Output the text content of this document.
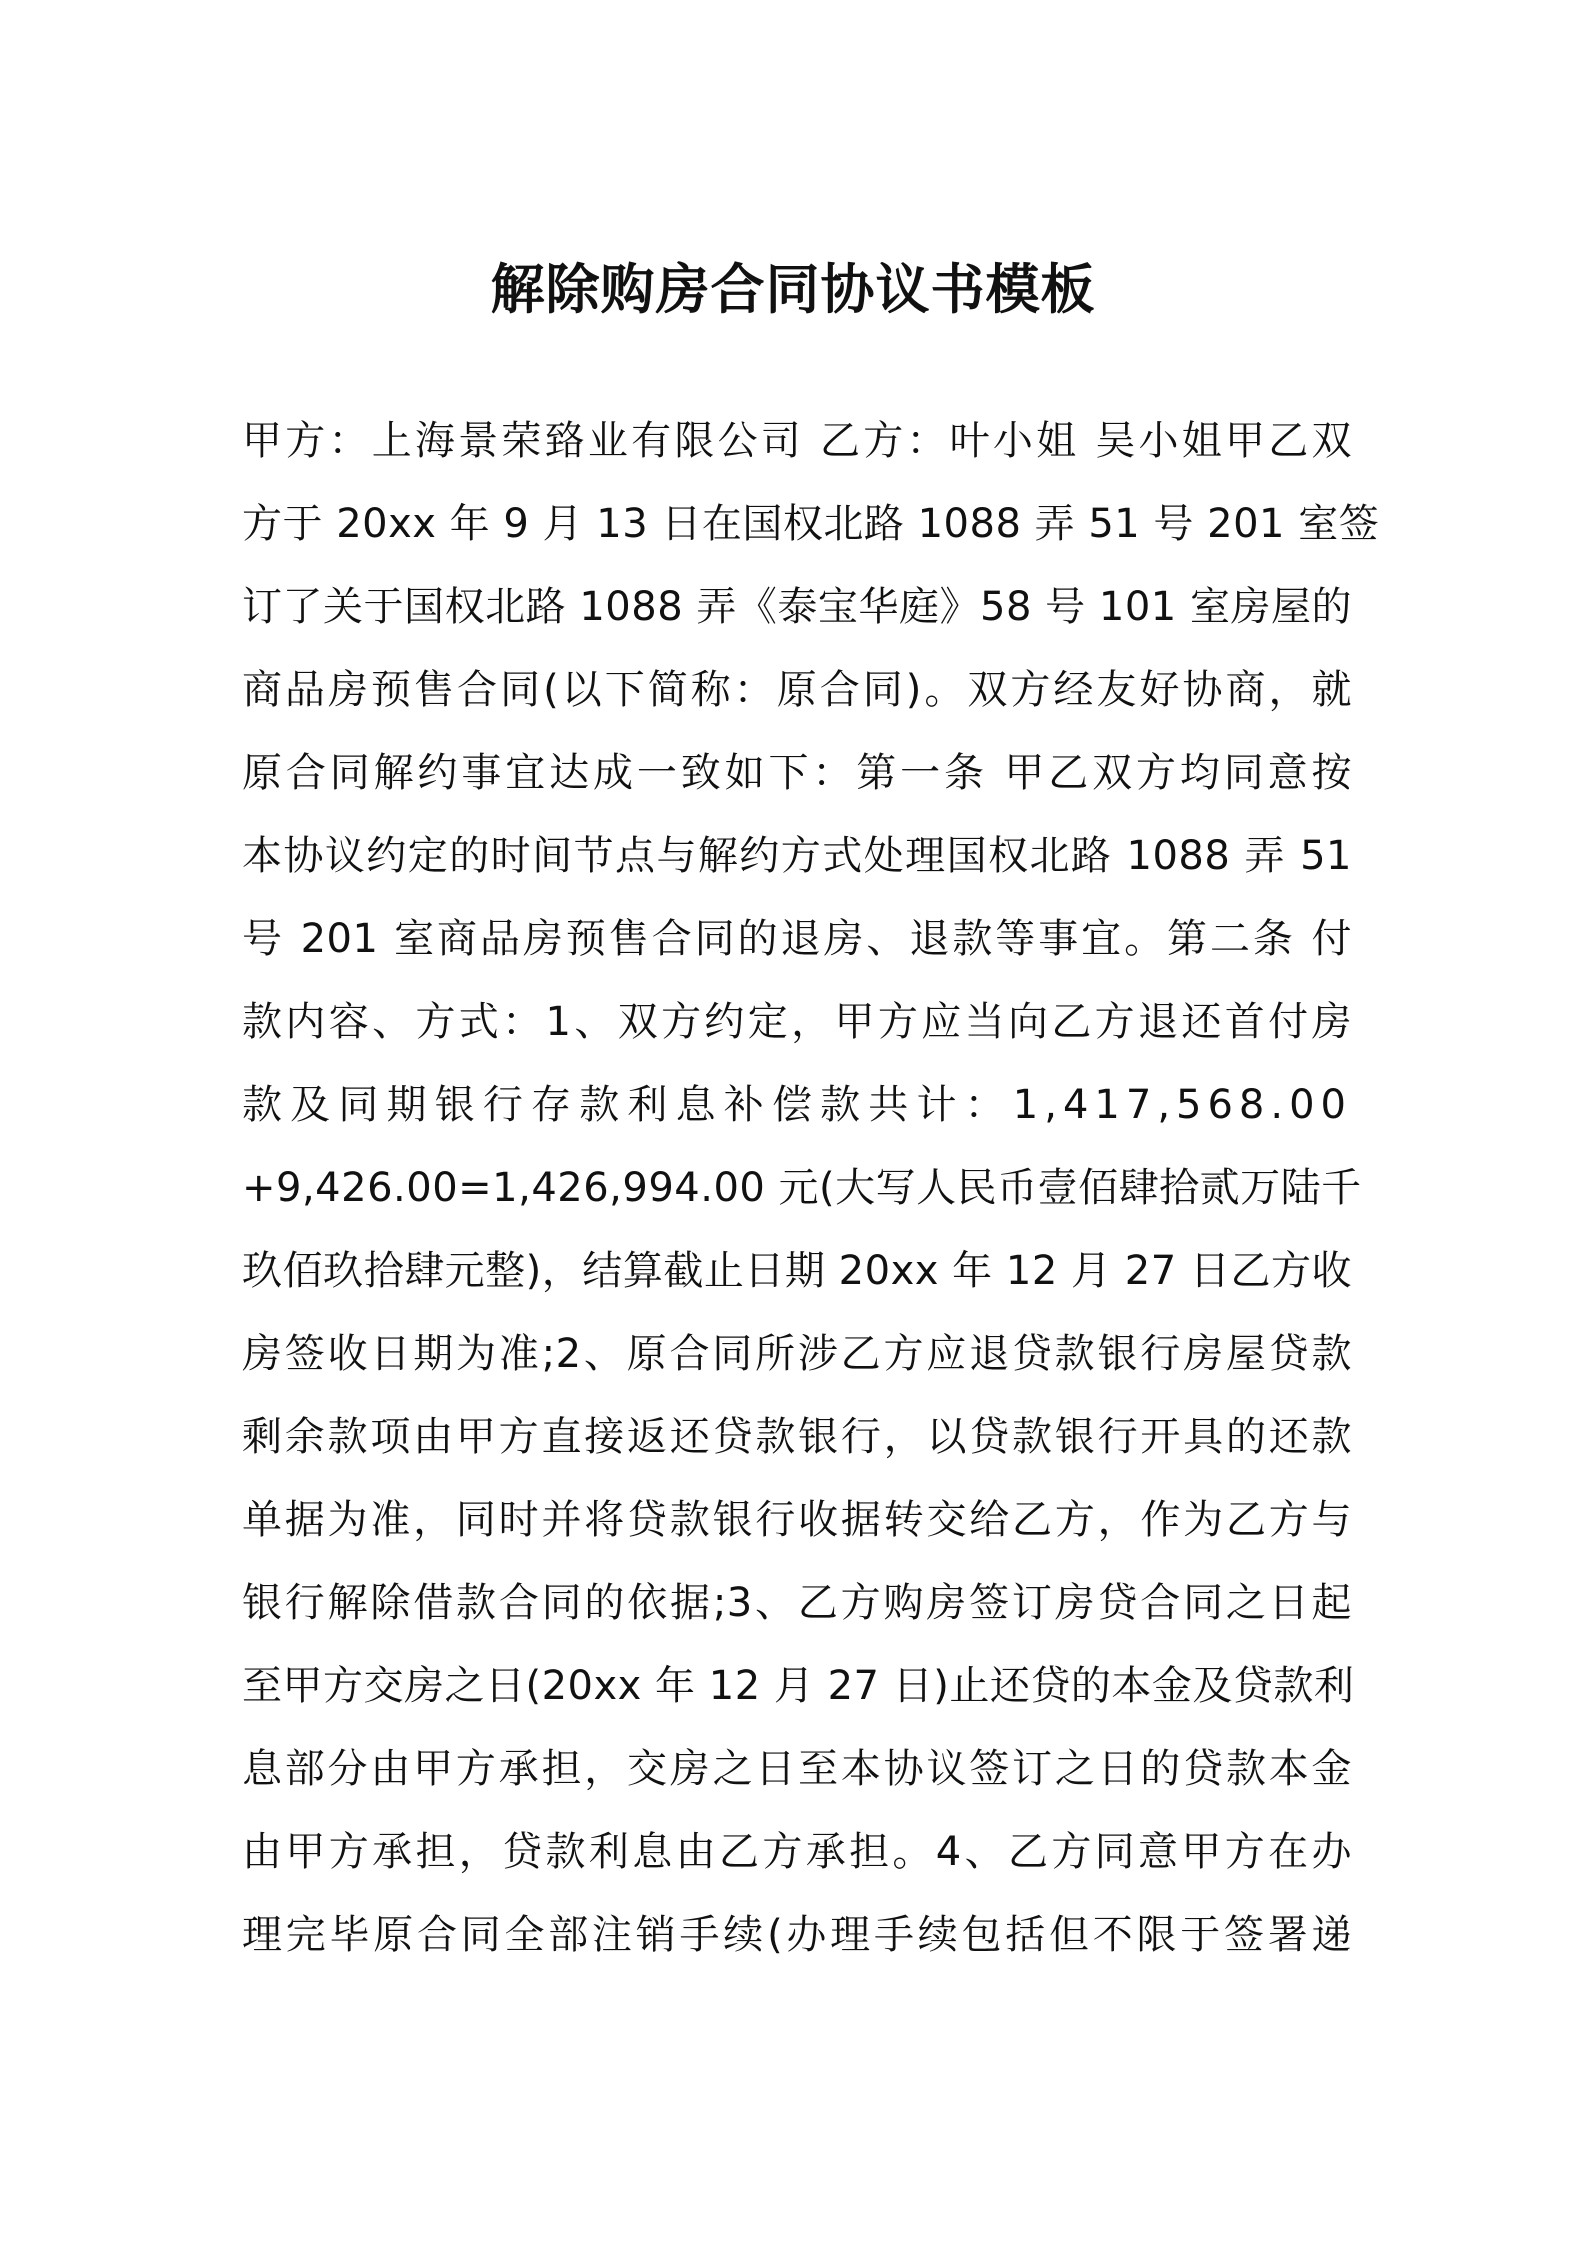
解除购房合同协议书模板
甲方：上海景荣臵业有限公司 乙方：叶小姐 吴小姐甲乙双
方于 20xx 年 9 月 13 日在国权北路 1088 弄 51 号 201 室签
订了关于国权北路 1088 弄《泰宝华庭》58 号 101 室房屋的
商品房预售合同(以下简称：原合同)。双方经友好协商，就
原合同解约事宜达成一致如下：第一条 甲乙双方均同意按
本协议约定的时间节点与解约方式处理国权北路 1088 弄 51
号 201 室商品房预售合同的退房、退款等事宜。第二条 付
款内容、方式：1、双方约定，甲方应当向乙方退还首付房
款及同期银行存款利息补偿款共计：1,417,568.00
+9,426.00=1,426,994.00 元(大写人民币壹佰肆拾贰万陆千
玖佰玖拾肆元整)，结算截止日期 20xx 年 12 月 27 日乙方收
房签收日期为准;2、原合同所涉乙方应退贷款银行房屋贷款
剩余款项由甲方直接返还贷款银行，以贷款银行开具的还款
单据为准，同时并将贷款银行收据转交给乙方，作为乙方与
银行解除借款合同的依据;3、乙方购房签订房贷合同之日起
至甲方交房之日(20xx 年 12 月 27 日)止还贷的本金及贷款利
息部分由甲方承担，交房之日至本协议签订之日的贷款本金
由甲方承担，贷款利息由乙方承担。4、乙方同意甲方在办
理完毕原合同全部注销手续(办理手续包括但不限于签署递
